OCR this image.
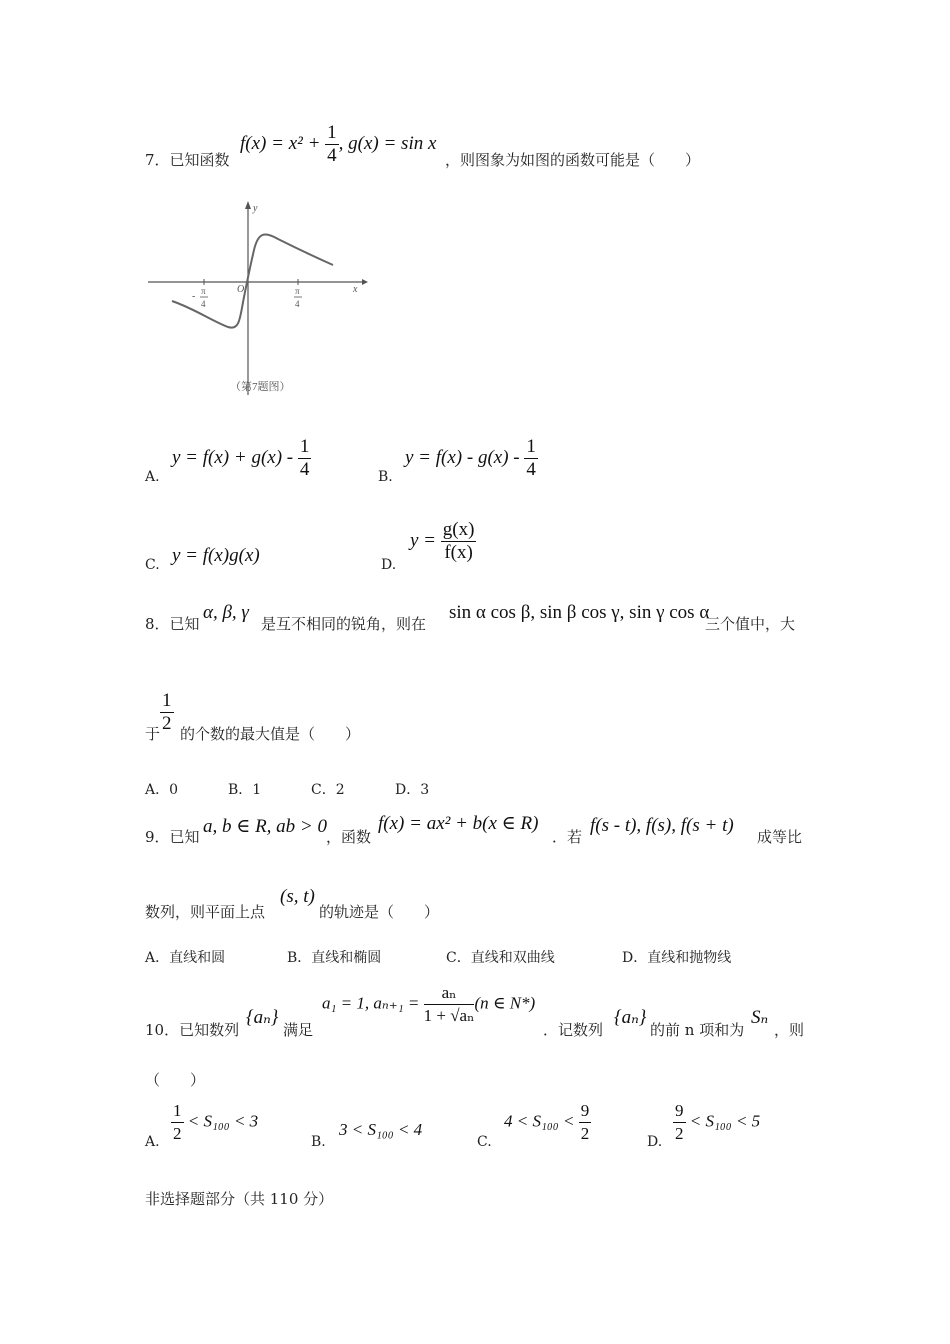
7．已知函数
$f(x) = x^2 + \frac{1}{4}$ , g(x) = sin x
，则图象为如图的函数可能是（　　）
x
y
O
- π
4
π
4
（第7题图）
A.
$y = f(x) + g(x) - \frac{1}{4}$	B.
$y = f(x) - g(x) - \frac{1}{4}$
C. y = f(x)g(x)	D.
$y = \frac{g(x)}{f(x)}$
8．已知
α, β, γ
是互不相同的锐角，则在
sin α cos β, sin β cos γ, sin γ cos α
三个值中，大
于 $\frac{1}{2}$ 的个数的最大值是（　　）
A．0	B．1	C．2	D．3
9．已知 a, b ∈ R, ab > 0 ，函数
f(x) = ax² + b(x ∈ R)
．若
f(s - t), f(s), f(s + t)
成等比
数列，则平面上点
(s, t)
的轨迹是（　　）
A．直线和圆	B．直线和椭圆	C．直线和双曲线	D．直线和抛物线
10．已知数列
{aₙ}
满足
a₁ = 1, $a_{n+1} = \frac{\text{aₙ}}{\text{1 + √aₙ}} (n$ ∈ N*)
．记数列
{aₙ}
的前 n 项和为
Sₙ
，则
（　　）
A. $\frac{1}{2} < S_{100} < 3$
B.
3 < S₁₀₀ < 4
C.
$4 < S_{100} < \frac{9}{2}$	D. $\frac{9}{2} < S_{100} < 5$
非选择题部分（共 110 分）
